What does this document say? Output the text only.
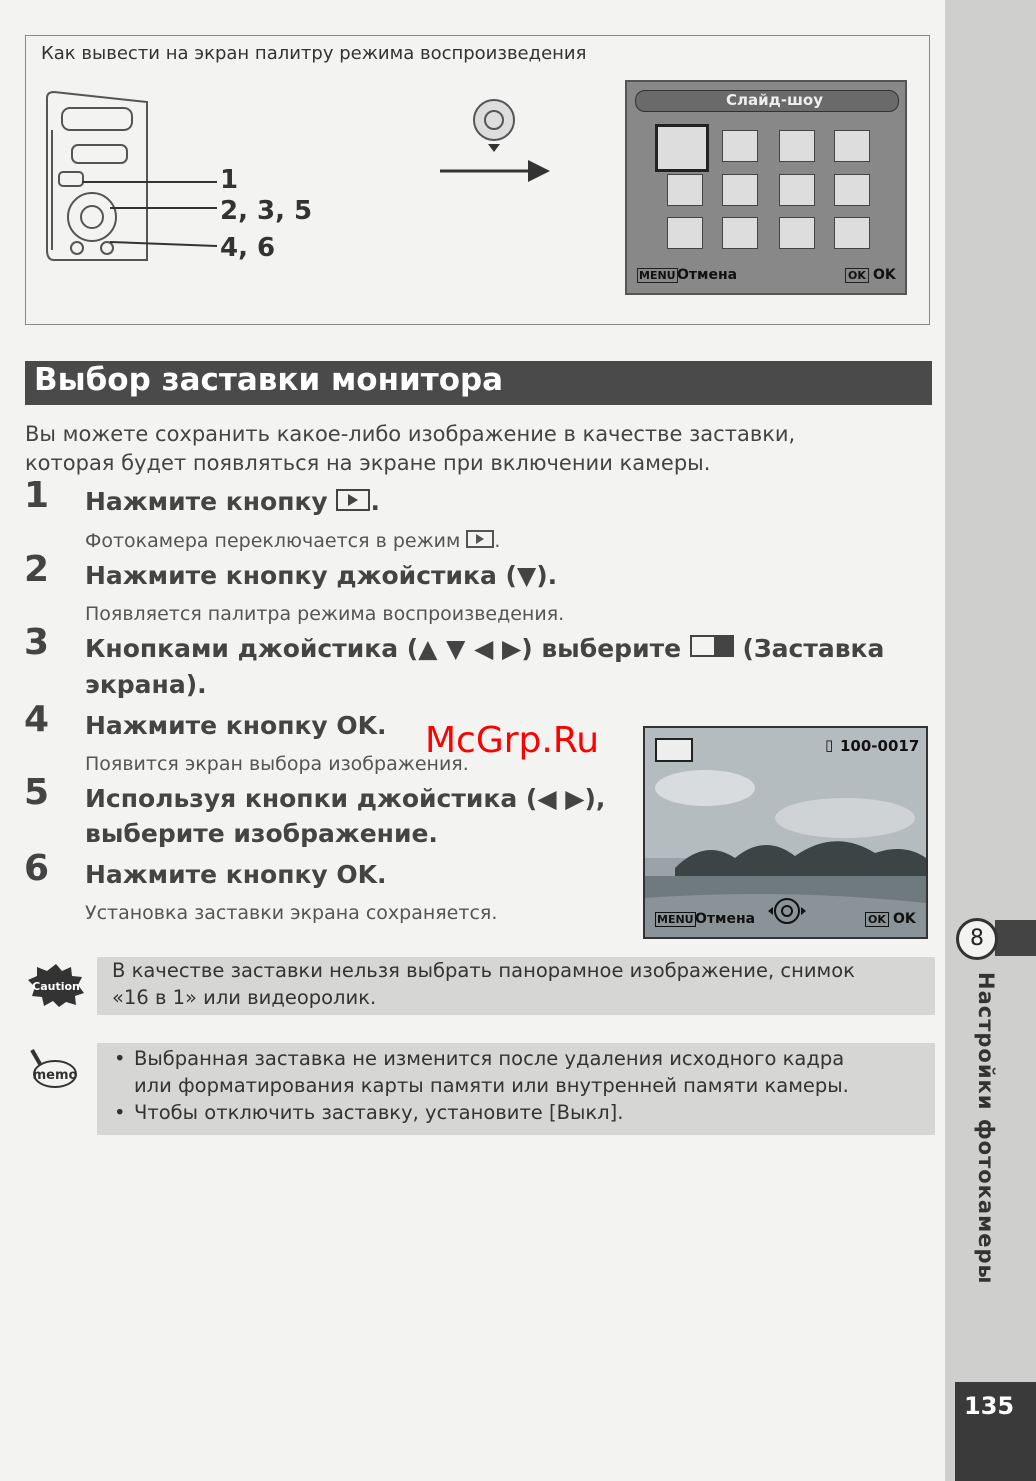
8
Настройки фотокамеры
135
Как вывести на экран палитру режима воспроизведения
1
2, 3, 5
4, 6
Слайд-шоу
MENU Отмена	OK OK
Выбор заставки монитора
Вы можете сохранить какое-либо изображение в качестве заставки,
которая будет появляться на экране при включении камеры.
1 Нажмите кнопку .
Фотокамера переключается в режим .
2 Нажмите кнопку джойстика (▼).
Появляется палитра режима воспроизведения.
3 Кнопками джойстика (▲ ▼ ◀ ▶) выберите (Заставка
экрана).
4 Нажмите кнопку OK.
Появится экран выбора изображения.
5 Используя кнопки джойстика (◀ ▶),
выберите изображение.
6 Нажмите кнопку OK.
Установка заставки экрана сохраняется.
▯ 100-0017
MENU Отмена	OK OK
McGrp.Ru
Caution
В качестве заставки нельзя выбрать панорамное изображение, снимок
«16 в 1» или видеоролик.
memo
• Выбранная заставка не изменится после удаления исходного кадра
или форматирования карты памяти или внутренней памяти камеры.
• Чтобы отключить заставку, установите [Выкл].
